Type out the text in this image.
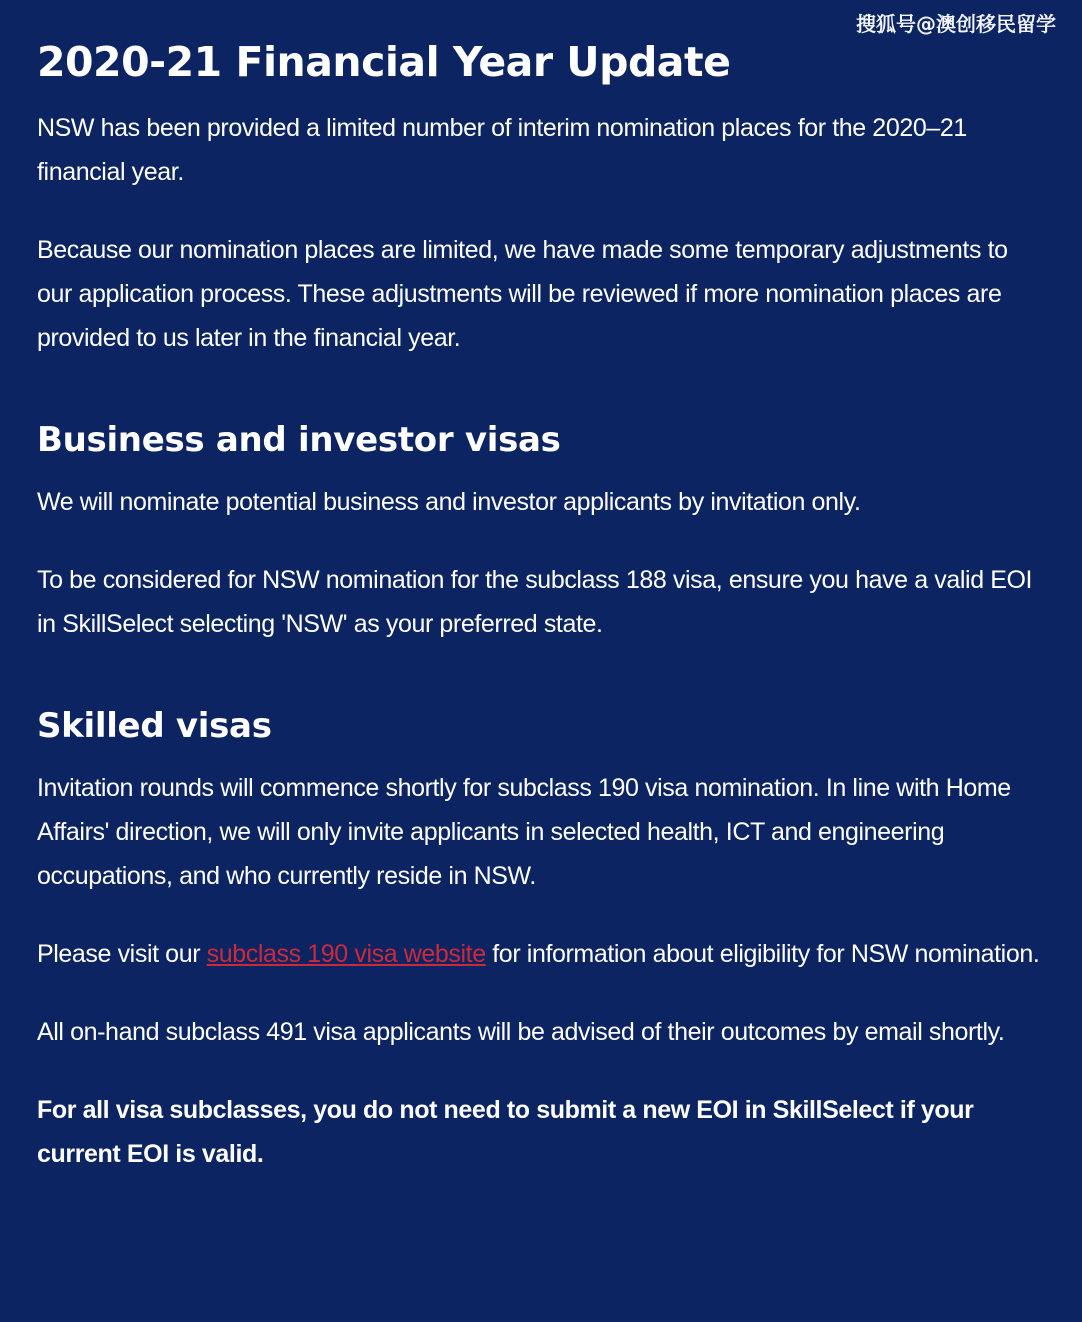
搜狐号@澳创移民留学
2020-21 Financial Year Update

NSW has been provided a limited number of interim nomination places for the 2020–21 financial year.

Because our nomination places are limited, we have made some temporary adjustments to our application process. These adjustments will be reviewed if more nomination places are provided to us later in the financial year.

Business and investor visas

We will nominate potential business and investor applicants by invitation only.

To be considered for NSW nomination for the subclass 188 visa, ensure you have a valid EOI in SkillSelect selecting 'NSW' as your preferred state.

Skilled visas

Invitation rounds will commence shortly for subclass 190 visa nomination. In line with Home Affairs' direction, we will only invite applicants in selected health, ICT and engineering occupations, and who currently reside in NSW.

Please visit our subclass 190 visa website for information about eligibility for NSW nomination.

All on-hand subclass 491 visa applicants will be advised of their outcomes by email shortly.

For all visa subclasses, you do not need to submit a new EOI in SkillSelect if your current EOI is valid.
